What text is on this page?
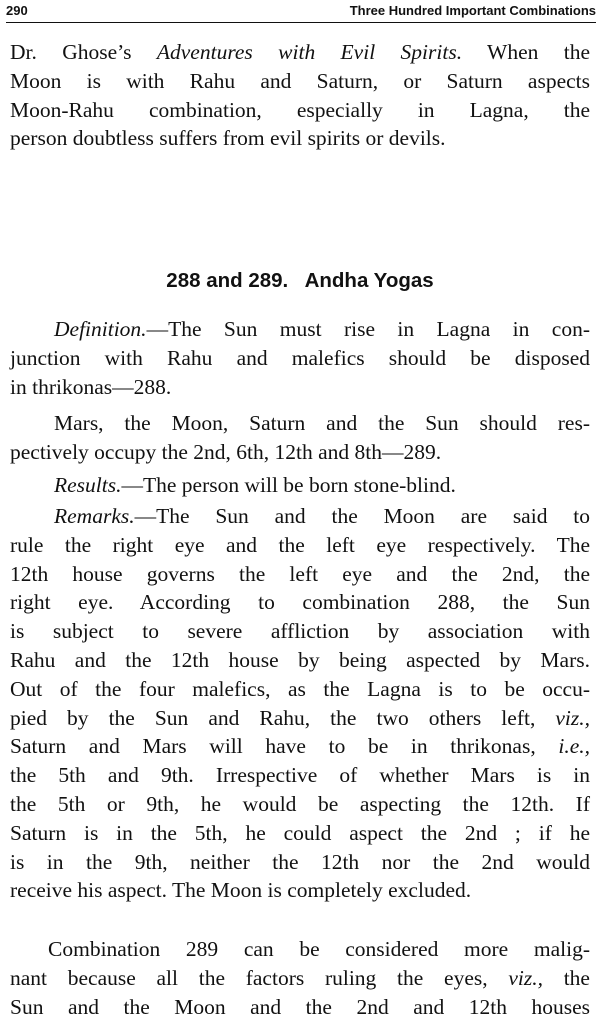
290	Three Hundred Important Combinations
Dr. Ghose’s Adventures with Evil Spirits. When the
Moon is with Rahu and Saturn, or Saturn aspects
Moon-Rahu combination, especially in Lagna, the
person doubtless suffers from evil spirits or devils.
288 and 289. Andha Yogas
Definition.—The Sun must rise in Lagna in con-
junction with Rahu and malefics should be disposed
in thrikonas—288.
Mars, the Moon, Saturn and the Sun should res-
pectively occupy the 2nd, 6th, 12th and 8th—289.
Results.—The person will be born stone-blind.
Remarks.—The Sun and the Moon are said to
rule the right eye and the left eye respectively. The
12th house governs the left eye and the 2nd, the
right eye. According to combination 288, the Sun
is subject to severe affliction by association with
Rahu and the 12th house by being aspected by Mars.
Out of the four malefics, as the Lagna is to be occu-
pied by the Sun and Rahu, the two others left, viz.,
Saturn and Mars will have to be in thrikonas, i.e.,
the 5th and 9th. Irrespective of whether Mars is in
the 5th or 9th, he would be aspecting the 12th. If
Saturn is in the 5th, he could aspect the 2nd ; if he
is in the 9th, neither the 12th nor the 2nd would
receive his aspect. The Moon is completely excluded.
Combination 289 can be considered more malig-
nant because all the factors ruling the eyes, viz., the
Sun and the Moon and the 2nd and 12th houses
